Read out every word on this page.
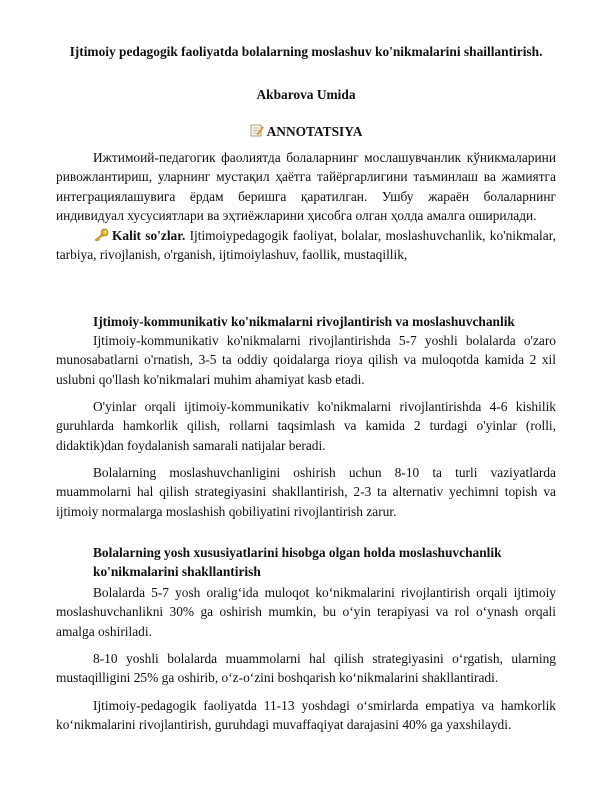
Ijtimoiy pedagogik faoliyatda bolalarning moslashuv ko'nikmalarini shaillantirish.
Akbarova Umida
ANNOTATSIYA

Ижтимоий-педагогик фаолиятда болаларнинг мослашувчанлик кўникмаларини ривожлантириш, уларнинг мустақил ҳаётга тайёргарлигини таъминлаш ва жамиятга интеграциялашувига ёрдам беришга қаратилган. Ушбу жараён болаларнинг индивидуал хусусиятлари ва эҳтиёжларини ҳисобга олган ҳолда амалга оширилади.

Kalit so'zlar. Ijtimoiypedagogik faoliyat, bolalar, moslashuvchanlik, ko'nikmalar, tarbiya, rivojlanish, o'rganish, ijtimoiylashuv, faollik, mustaqillik,

Ijtimoiy-kommunikativ ko'nikmalarni rivojlantirish va moslashuvchanlik

Ijtimoiy-kommunikativ ko'nikmalarni rivojlantirishda 5-7 yoshli bolalarda o'zaro munosabatlarni o'rnatish, 3-5 ta oddiy qoidalarga rioya qilish va muloqotda kamida 2 xil uslubni qo'llash ko'nikmalari muhim ahamiyat kasb etadi.

O'yinlar orqali ijtimoiy-kommunikativ ko'nikmalarni rivojlantirishda 4-6 kishilik guruhlarda hamkorlik qilish, rollarni taqsimlash va kamida 2 turdagi o'yinlar (rolli, didaktik)dan foydalanish samarali natijalar beradi.

Bolalarning moslashuvchanligini oshirish uchun 8-10 ta turli vaziyatlarda muammolarni hal qilish strategiyasini shakllantirish, 2-3 ta alternativ yechimni topish va ijtimoiy normalarga moslashish qobiliyatini rivojlantirish zarur.

Bolalarning yosh xususiyatlarini hisobga olgan holda moslashuvchanlik ko'nikmalarini shakllantirish

Bolalarda 5-7 yosh oralig‘ida muloqot ko‘nikmalarini rivojlantirish orqali ijtimoiy moslashuvchanlikni 30% ga oshirish mumkin, bu o‘yin terapiyasi va rol o‘ynash orqali amalga oshiriladi.

8-10 yoshli bolalarda muammolarni hal qilish strategiyasini o‘rgatish, ularning mustaqilligini 25% ga oshirib, o‘z-o‘zini boshqarish ko‘nikmalarini shakllantiradi.

Ijtimoiy-pedagogik faoliyatda 11-13 yoshdagi o‘smirlarda empatiya va hamkorlik ko‘nikmalarini rivojlantirish, guruhdagi muvaffaqiyat darajasini 40% ga yaxshilaydi.
